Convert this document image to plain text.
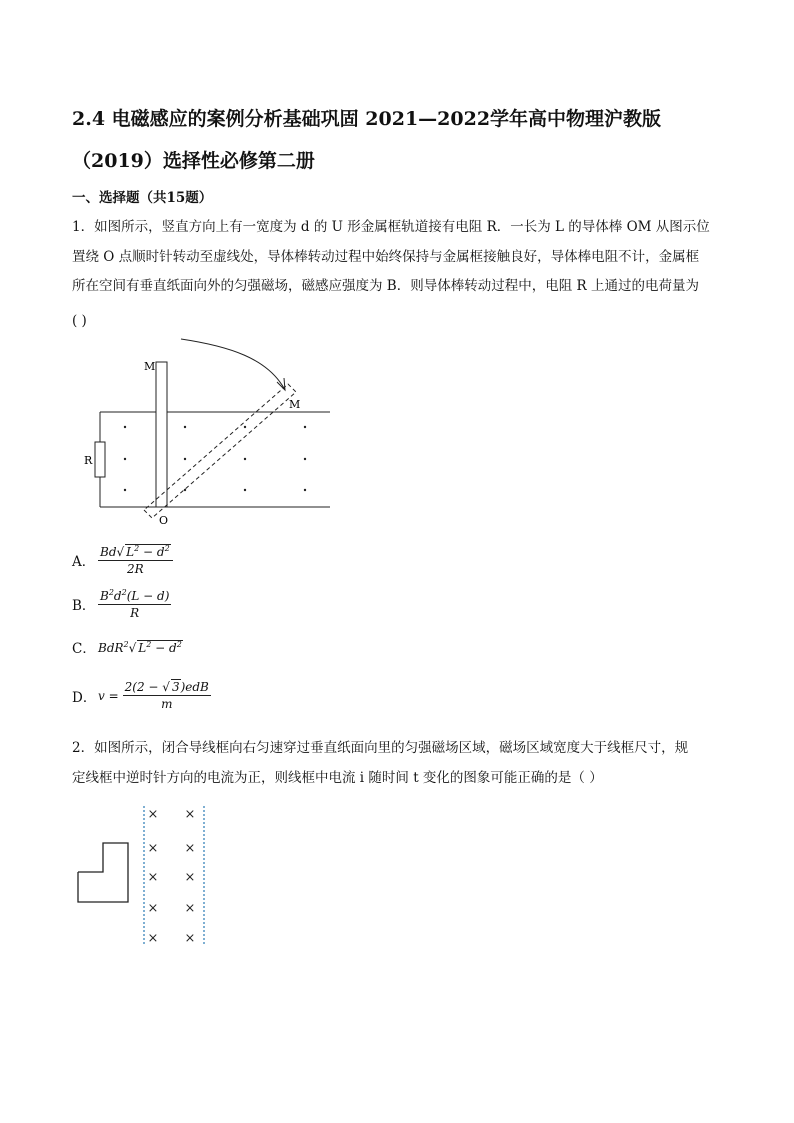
2.4 电磁感应的案例分析基础巩固 2021—2022学年高中物理沪教版
（2019）选择性必修第二册
一、选择题（共15题）

1．如图所示，竖直方向上有一宽度为 d 的 U 形金属框轨道接有电阻 R．一长为 L 的导体棒 OM 从图示位

置绕 O 点顺时针转动至虚线处，导体棒转动过程中始终保持与金属框接触良好，导体棒电阻不计，金属框

所在空间有垂直纸面向外的匀强磁场，磁感应强度为 B．则导体棒转动过程中，电阻 R 上通过的电荷量为

( )
M
M
R
O
A． $\frac{Bd√ L^2 - d^2}{2R}$
B． $\frac{B^2d^2(L - d)}{R}$
C． BdR$^2$√ $L^2 - d^2$
D． $v = \frac{\text{2(2 − √ 3)edB}}{m}$

2．如图所示，闭合导线框向右匀速穿过垂直纸面向里的匀强磁场区域，磁场区域宽度大于线框尺寸，规

定线框中逆时针方向的电流为正，则线框中电流 i 随时间 t 变化的图象可能正确的是（ ）

× ×
× ×
× ×
× ×
× ×
